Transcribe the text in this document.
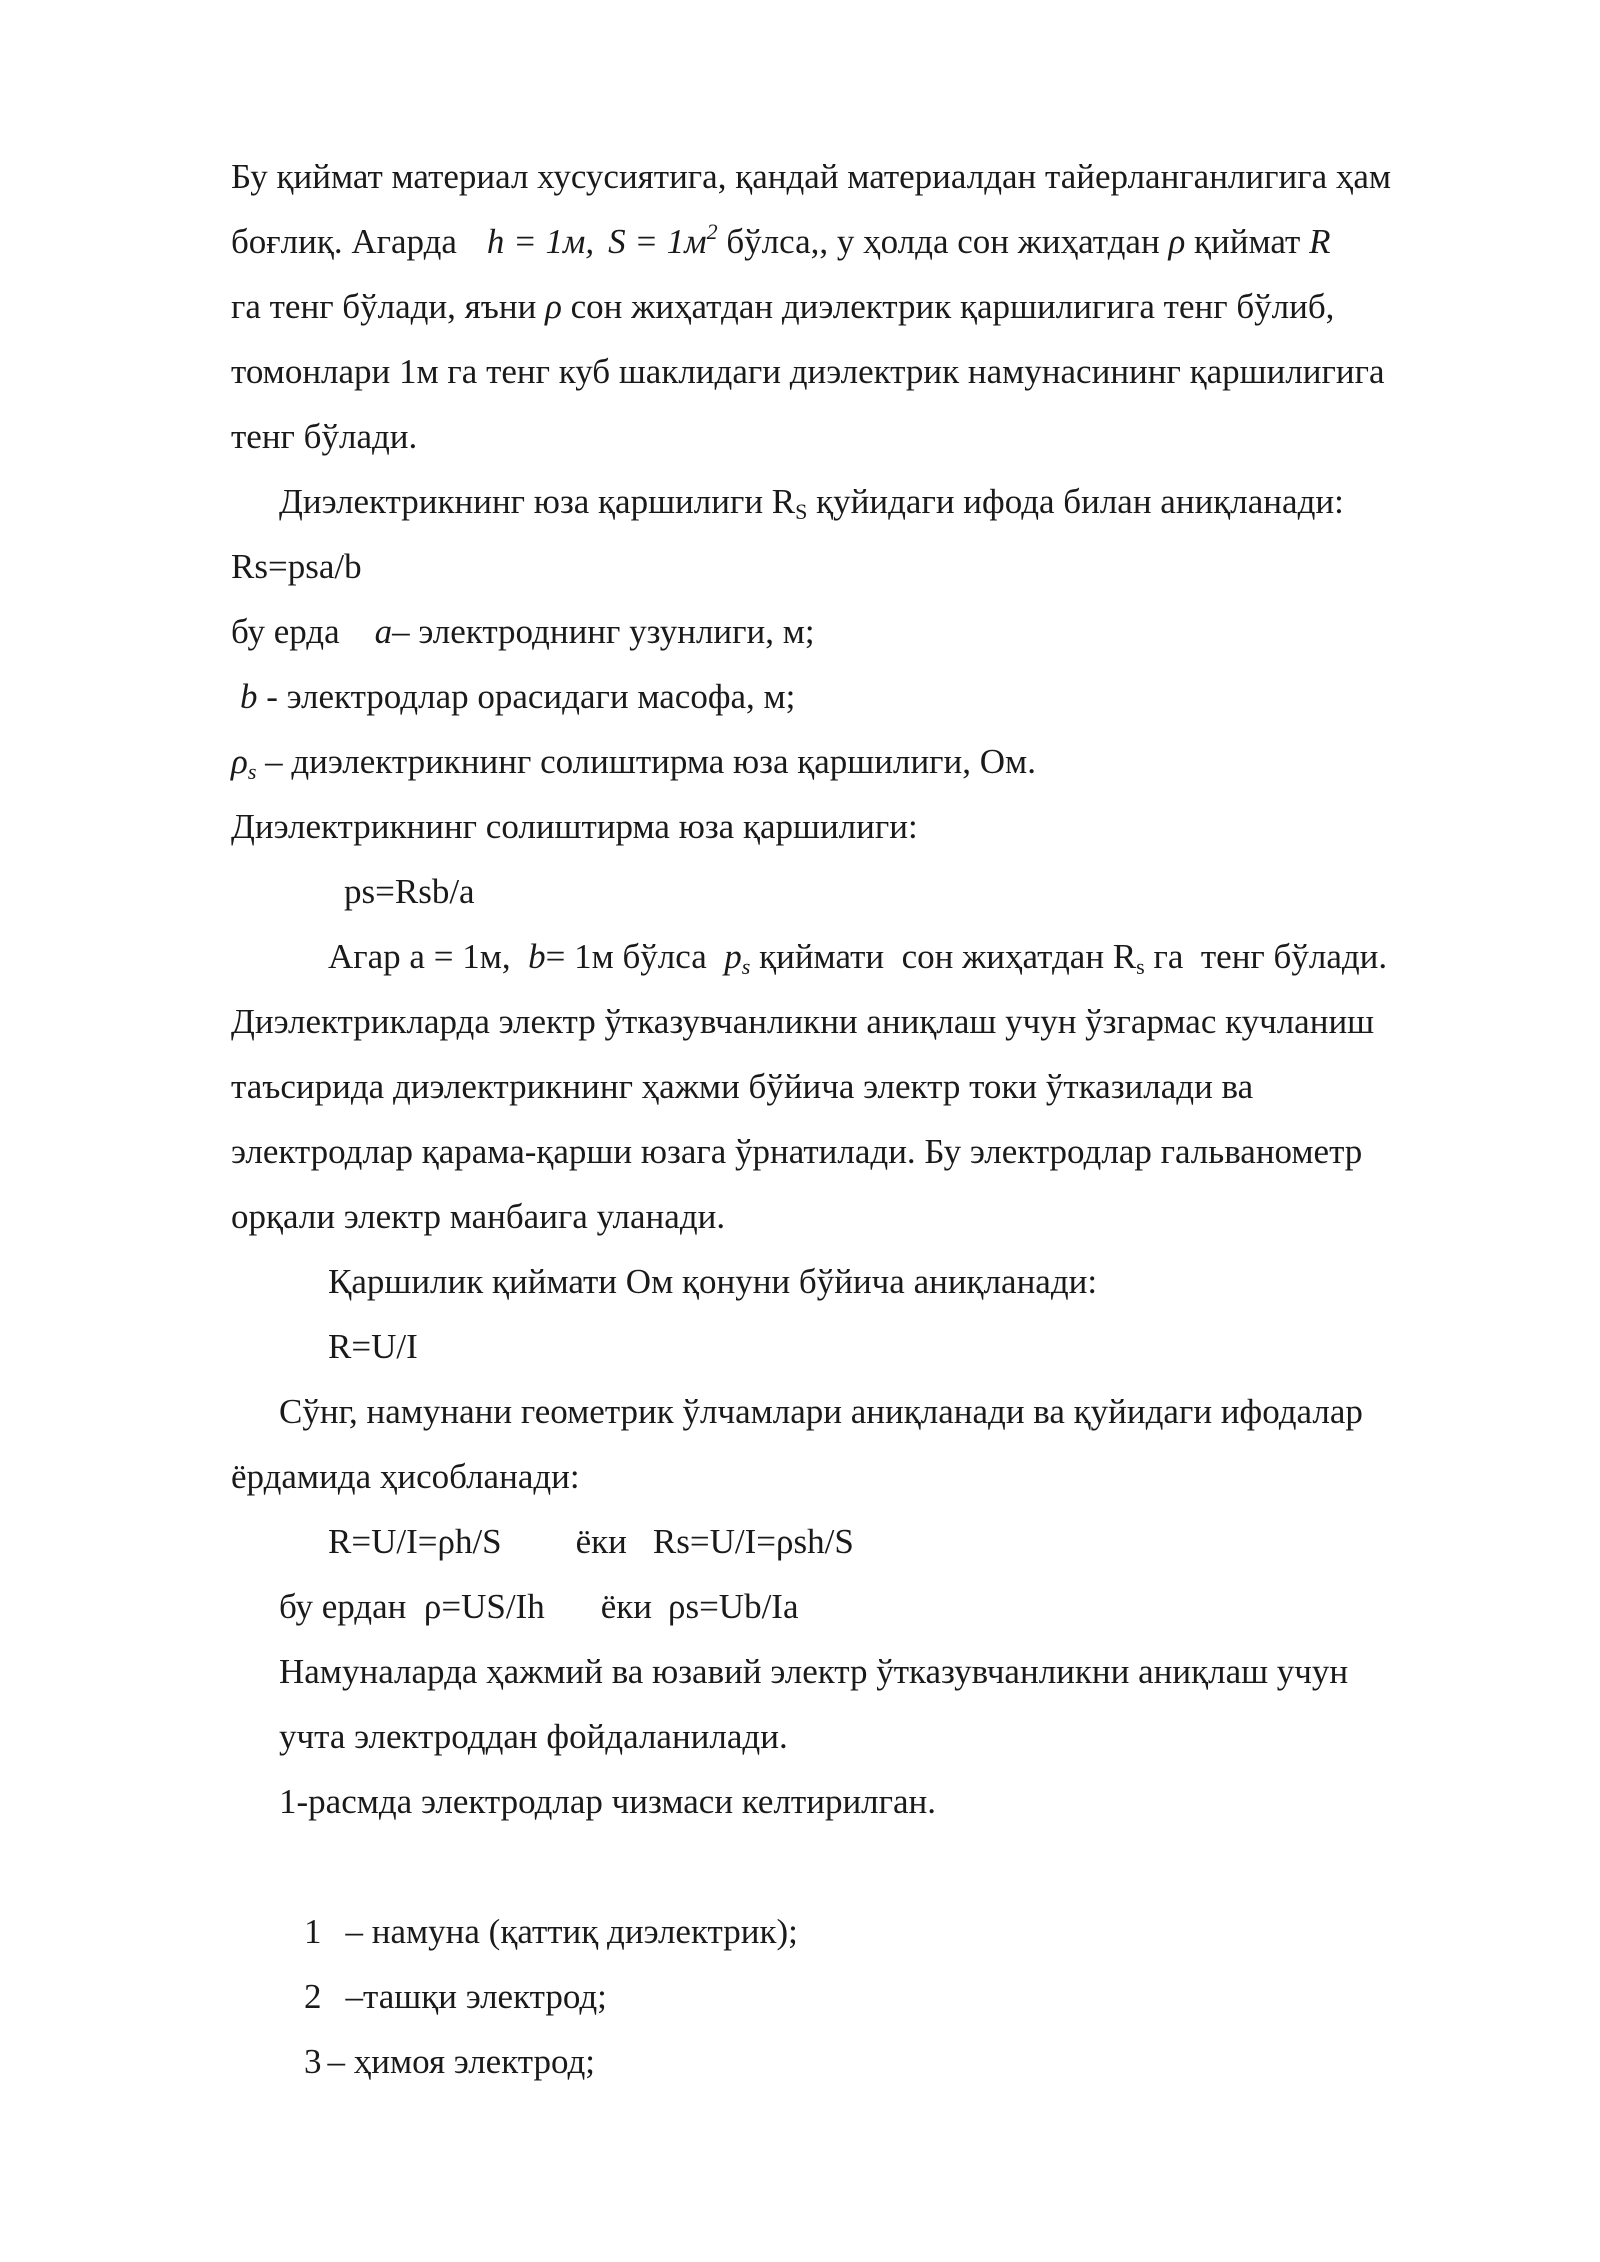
Бу қиймат материал хусусиятига, қандай материалдан тайерланганлигига ҳам
боғлиқ. Агарда h = 1м, $S = 1м^2$ бўлса,, у ҳолда сон жиҳатдан ρ қиймат R
га тенг бўлади, яъни ρ сон жиҳатдан диэлектрик қаршилигига тенг бўлиб,
томонлари 1м га тенг куб шаклидаги диэлектрик намунасининг қаршилигига
тенг бўлади.
Диэлектрикнинг юза қаршилиги $R_S$ қуйидаги ифода билан аниқланади:
Rs=psa/b
бу ерда    a– электроднинг узунлиги, м;
b - электродлар орасидаги масофа, м;
$\rho_s$ – диэлектрикнинг солиштирма юза қаршилиги, Ом.
Диэлектрикнинг солиштирма юза қаршилиги:
ps=Rsb/a
Агар a = 1м,  b= 1м бўлса  $p_s$ қиймати  сон жиҳатдан $R_s$ га  тенг бўлади.
Диэлектрикларда электр ўтказувчанликни аниқлаш учун ўзгармас кучланиш
таъсирида диэлектрикнинг ҳажми бўйича электр токи ўтказилади ва
электродлар қарама-қарши юзага ўрнатилади. Бу электродлар гальванометр
орқали электр манбаига уланади.
Қаршилик қиймати Ом қонуни бўйича аниқланади:
R=U/I
Сўнг, намунани геометрик ўлчамлари аниқланади ва қуйидаги ифодалар
ёрдамида ҳисобланади:
R=U/I=ρh/S ёки Rs=U/I=ρsh/S
бу ердан  ρ=US/Ih ёки ρs=Ub/Ia
Намуналарда ҳажмий ва юзавий электр ўтказувчанликни аниқлаш учун
учта электроддан фойдаланилади.
1-расмда электродлар чизмаси келтирилган.
1 – намуна (қаттиқ диэлектрик);
2 –ташқи электрод;
3 – ҳимоя электрод;
